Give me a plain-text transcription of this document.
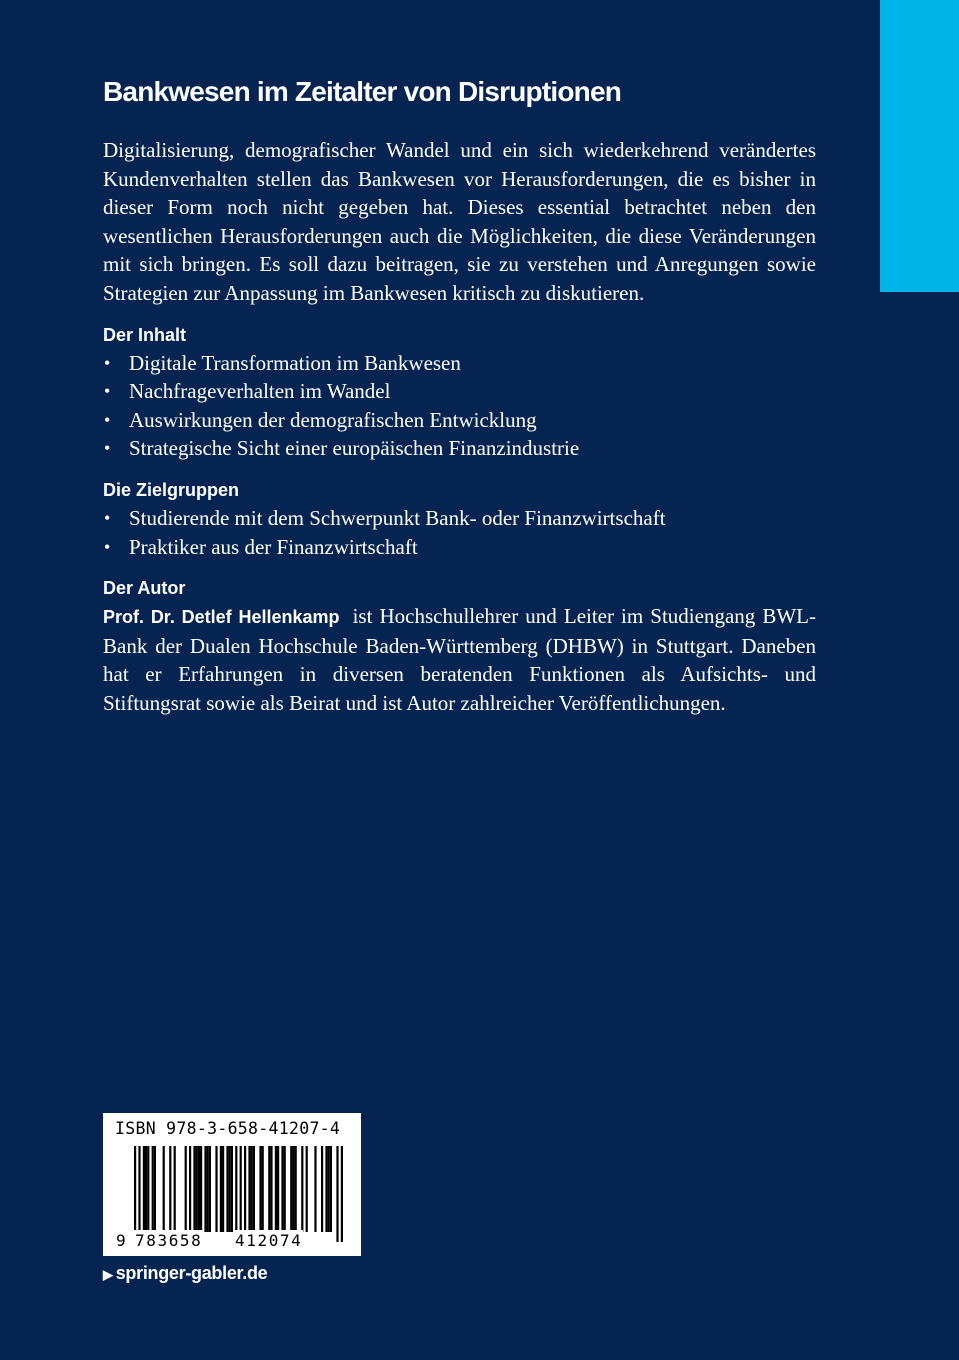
Bankwesen im Zeitalter von Disruptionen

Digitalisierung, demografischer Wandel und ein sich wiederkehrend verändertes Kundenverhalten stellen das Bankwesen vor Herausforderungen, die es bisher in dieser Form noch nicht gegeben hat. Dieses essential betrachtet neben den wesentlichen Herausforderungen auch die Möglichkeiten, die diese Veränderungen mit sich bringen. Es soll dazu beitragen, sie zu verstehen und Anregungen sowie Strategien zur Anpassung im Bankwesen kritisch zu diskutieren.

Der Inhalt
• Digitale Transformation im Bankwesen
• Nachfrageverhalten im Wandel
• Auswirkungen der demografischen Entwicklung
• Strategische Sicht einer europäischen Finanzindustrie
Die Zielgruppen
• Studierende mit dem Schwerpunkt Bank- oder Finanzwirtschaft
• Praktiker aus der Finanzwirtschaft
Der Autor

Prof. Dr. Detlef Hellenkamp ist Hochschullehrer und Leiter im Studiengang BWL-Bank der Dualen Hochschule Baden-Württemberg (DHBW) in Stuttgart. Daneben hat er Erfahrungen in diversen beratenden Funktionen als Aufsichts- und Stiftungsrat sowie als Beirat und ist Autor zahlreicher Veröffentlichungen.

ISBN 978-3-658-41207-4
9 783658 412074
▶ springer-gabler.de
